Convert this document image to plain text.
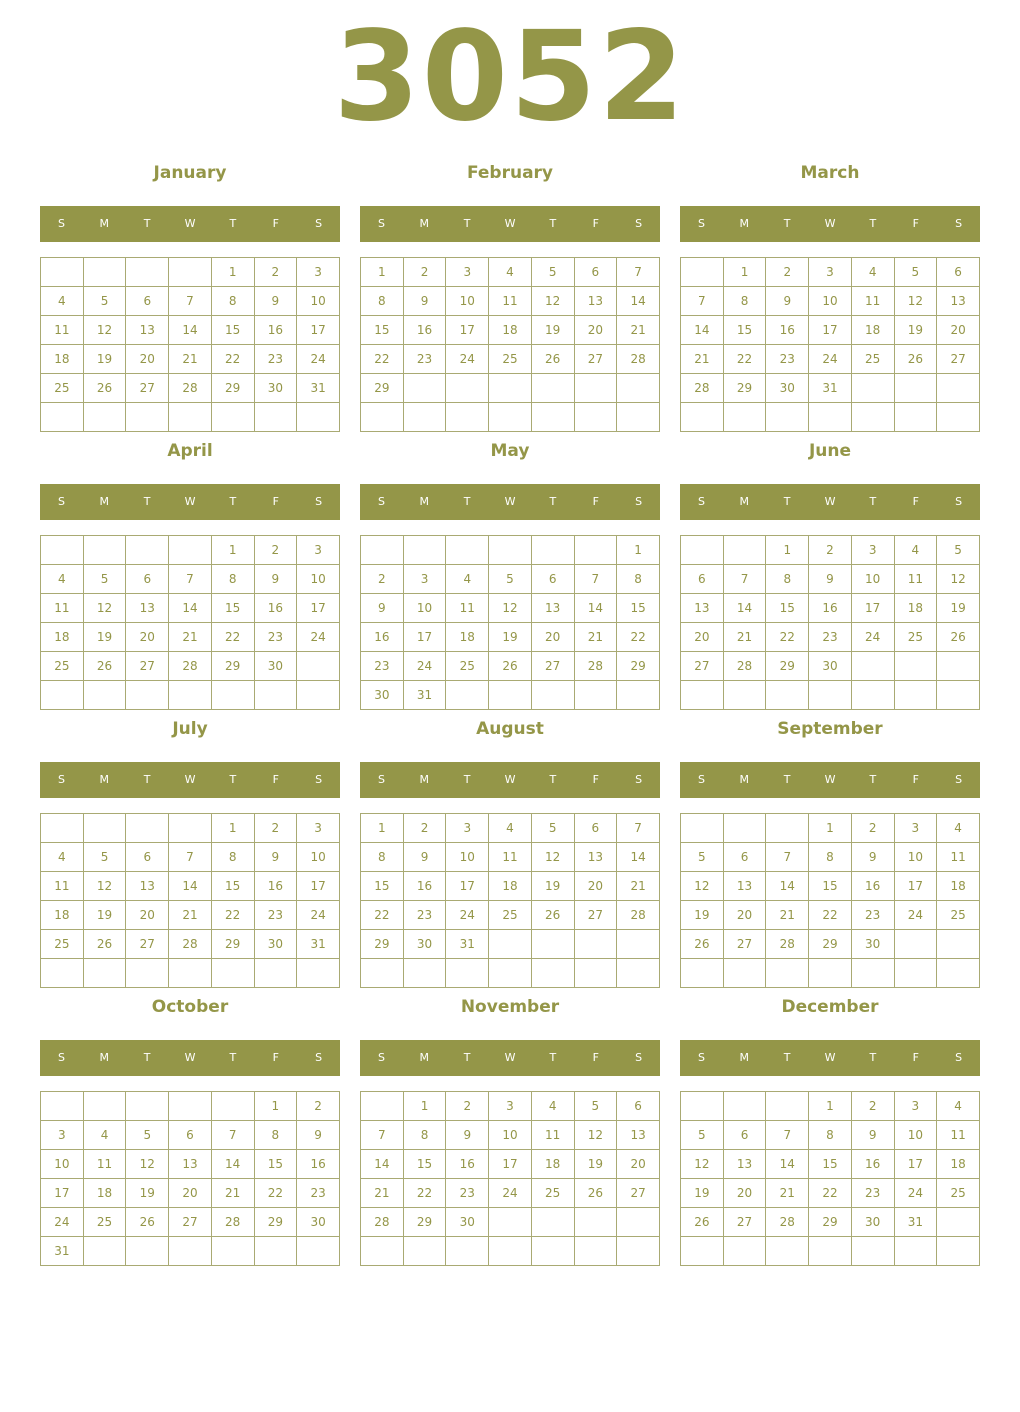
3052
January
S	M	T	W	T	F	S
				1	2	3
4	5	6	7	8	9	10
11	12	13	14	15	16	17
18	19	20	21	22	23	24
25	26	27	28	29	30	31

February
S	M	T	W	T	F	S
1	2	3	4	5	6	7
8	9	10	11	12	13	14
15	16	17	18	19	20	21
22	23	24	25	26	27	28
29						

March
S	M	T	W	T	F	S
	1	2	3	4	5	6
7	8	9	10	11	12	13
14	15	16	17	18	19	20
21	22	23	24	25	26	27
28	29	30	31			

April
S	M	T	W	T	F	S
				1	2	3
4	5	6	7	8	9	10
11	12	13	14	15	16	17
18	19	20	21	22	23	24
25	26	27	28	29	30	

May
S	M	T	W	T	F	S
						1
2	3	4	5	6	7	8
9	10	11	12	13	14	15
16	17	18	19	20	21	22
23	24	25	26	27	28	29
30	31					
June
S	M	T	W	T	F	S
		1	2	3	4	5
6	7	8	9	10	11	12
13	14	15	16	17	18	19
20	21	22	23	24	25	26
27	28	29	30			

July
S	M	T	W	T	F	S
				1	2	3
4	5	6	7	8	9	10
11	12	13	14	15	16	17
18	19	20	21	22	23	24
25	26	27	28	29	30	31

August
S	M	T	W	T	F	S
1	2	3	4	5	6	7
8	9	10	11	12	13	14
15	16	17	18	19	20	21
22	23	24	25	26	27	28
29	30	31				

September
S	M	T	W	T	F	S
			1	2	3	4
5	6	7	8	9	10	11
12	13	14	15	16	17	18
19	20	21	22	23	24	25
26	27	28	29	30		

October
S	M	T	W	T	F	S
					1	2
3	4	5	6	7	8	9
10	11	12	13	14	15	16
17	18	19	20	21	22	23
24	25	26	27	28	29	30
31						
November
S	M	T	W	T	F	S
	1	2	3	4	5	6
7	8	9	10	11	12	13
14	15	16	17	18	19	20
21	22	23	24	25	26	27
28	29	30				

December
S	M	T	W	T	F	S
			1	2	3	4
5	6	7	8	9	10	11
12	13	14	15	16	17	18
19	20	21	22	23	24	25
26	27	28	29	30	31	
